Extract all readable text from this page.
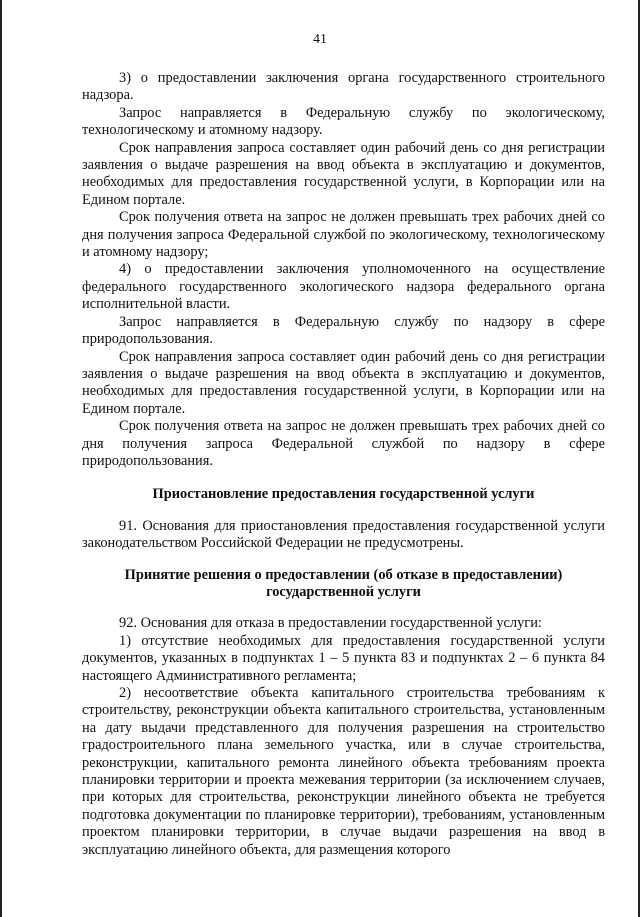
41

3) о предоставлении заключения органа государственного строительного надзора.

Запрос направляется в Федеральную службу по экологическому, технологическому и атомному надзору.

Срок направления запроса составляет один рабочий день со дня регистрации заявления о выдаче разрешения на ввод объекта в эксплуатацию и документов, необходимых для предоставления государственной услуги, в Корпорации или на Едином портале.

Срок получения ответа на запрос не должен превышать трех рабочих дней со дня получения запроса Федеральной службой по экологическому, технологическому и атомному надзору;

4) о предоставлении заключения уполномоченного на осуществление федерального государственного экологического надзора федерального органа исполнительной власти.

Запрос направляется в Федеральную службу по надзору в сфере природопользования.

Срок направления запроса составляет один рабочий день со дня регистрации заявления о выдаче разрешения на ввод объекта в эксплуатацию и документов, необходимых для предоставления государственной услуги, в Корпорации или на Едином портале.

Срок получения ответа на запрос не должен превышать трех рабочих дней со дня получения запроса Федеральной службой по надзору в сфере природопользования.

Приостановление предоставления государственной услуги

91. Основания для приостановления предоставления государственной услуги законодательством Российской Федерации не предусмотрены.

Принятие решения о предоставлении (об отказе в предоставлении) государственной услуги

92. Основания для отказа в предоставлении государственной услуги:

1) отсутствие необходимых для предоставления государственной услуги документов, указанных в подпунктах 1 – 5 пункта 83 и подпунктах 2 – 6 пункта 84 настоящего Административного регламента;

2) несоответствие объекта капитального строительства требованиям к строительству, реконструкции объекта капитального строительства, установленным на дату выдачи представленного для получения разрешения на строительство градостроительного плана земельного участка, или в случае строительства, реконструкции, капитального ремонта линейного объекта требованиям проекта планировки территории и проекта межевания территории (за исключением случаев, при которых для строительства, реконструкции линейного объекта не требуется подготовка документации по планировке территории), требованиям, установленным проектом планировки территории, в случае выдачи разрешения на ввод в эксплуатацию линейного объекта, для размещения которого
